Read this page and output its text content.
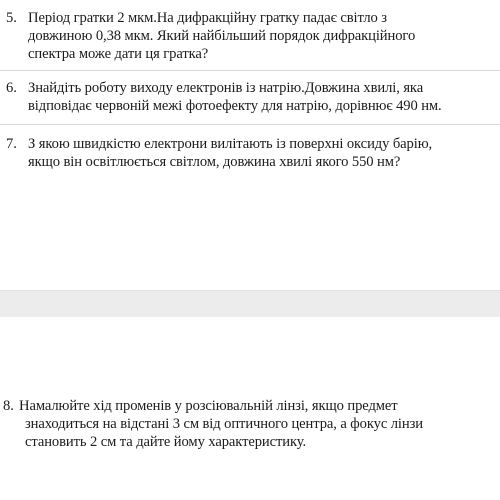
5. Період гратки 2 мкм.На дифракційну гратку падає світло з
довжиною 0,38 мкм. Який найбільший порядок дифракційного
спектра може дати ця гратка?
6. Знайдіть роботу виходу електронів із натрію.Довжина хвилі, яка
відповідає червоній межі фотоефекту для натрію, дорівнює 490 нм.
7. З якою швидкістю електрони вилітають із поверхні оксиду барію,
якщо він освітлюється світлом, довжина хвилі якого 550 нм?
8. Намалюйте хід променів у розсіювальній лінзі, якщо предмет
знаходиться на відстані 3 см від оптичного центра, а фокус лінзи
становить 2 см та дайте йому характеристику.
